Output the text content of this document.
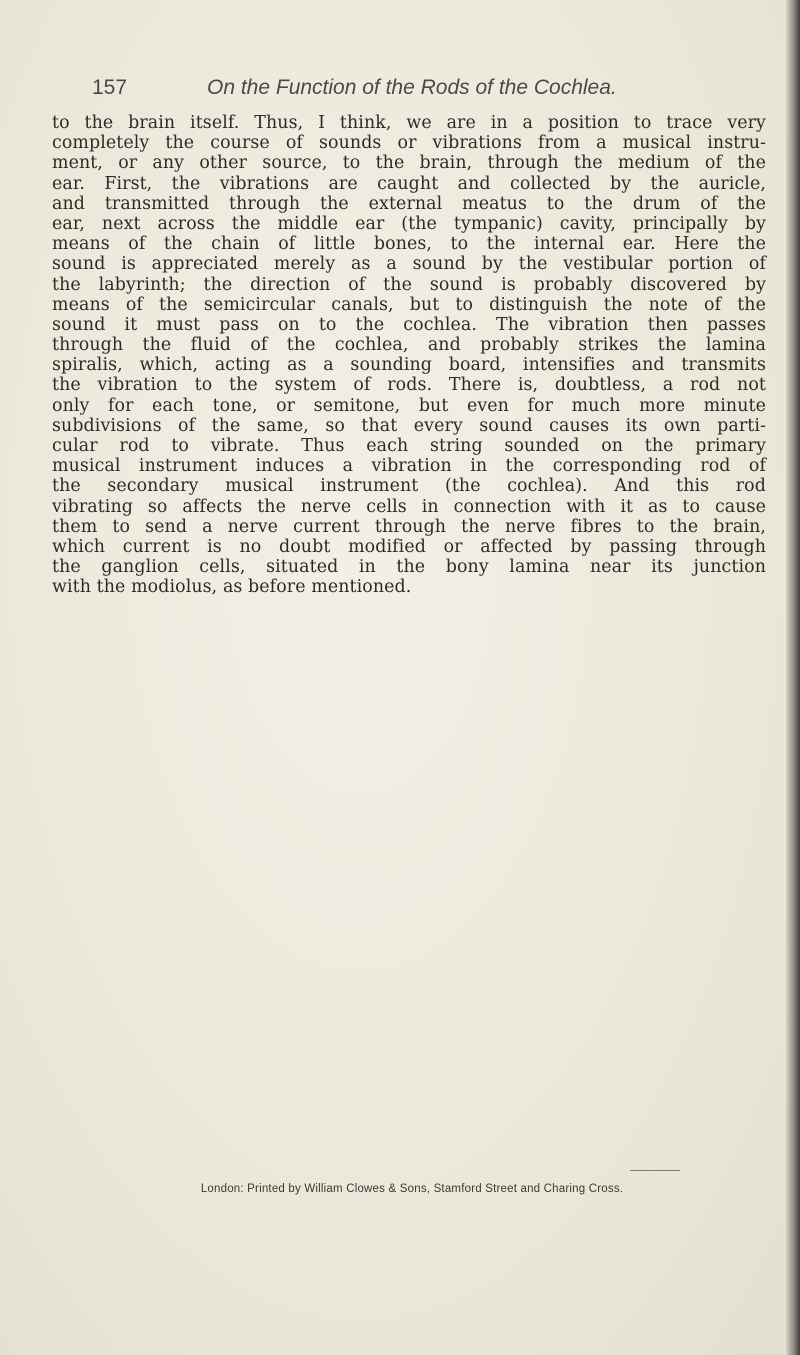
157	On the Function of the Rods of the Cochlea.
to the brain itself. Thus, I think, we are in a position to trace very
completely the course of sounds or vibrations from a musical instru-
ment, or any other source, to the brain, through the medium of the
ear. First, the vibrations are caught and collected by the auricle,
and transmitted through the external meatus to the drum of the
ear, next across the middle ear (the tympanic) cavity, principally by
means of the chain of little bones, to the internal ear. Here the
sound is appreciated merely as a sound by the vestibular portion of
the labyrinth; the direction of the sound is probably discovered by
means of the semicircular canals, but to distinguish the note of the
sound it must pass on to the cochlea. The vibration then passes
through the fluid of the cochlea, and probably strikes the lamina
spiralis, which, acting as a sounding board, intensifies and transmits
the vibration to the system of rods. There is, doubtless, a rod not
only for each tone, or semitone, but even for much more minute
subdivisions of the same, so that every sound causes its own parti-
cular rod to vibrate. Thus each string sounded on the primary
musical instrument induces a vibration in the corresponding rod of
the secondary musical instrument (the cochlea). And this rod
vibrating so affects the nerve cells in connection with it as to cause
them to send a nerve current through the nerve fibres to the brain,
which current is no doubt modified or affected by passing through
the ganglion cells, situated in the bony lamina near its junction
with the modiolus, as before mentioned.
London: Printed by William Clowes & Sons, Stamford Street and Charing Cross.
